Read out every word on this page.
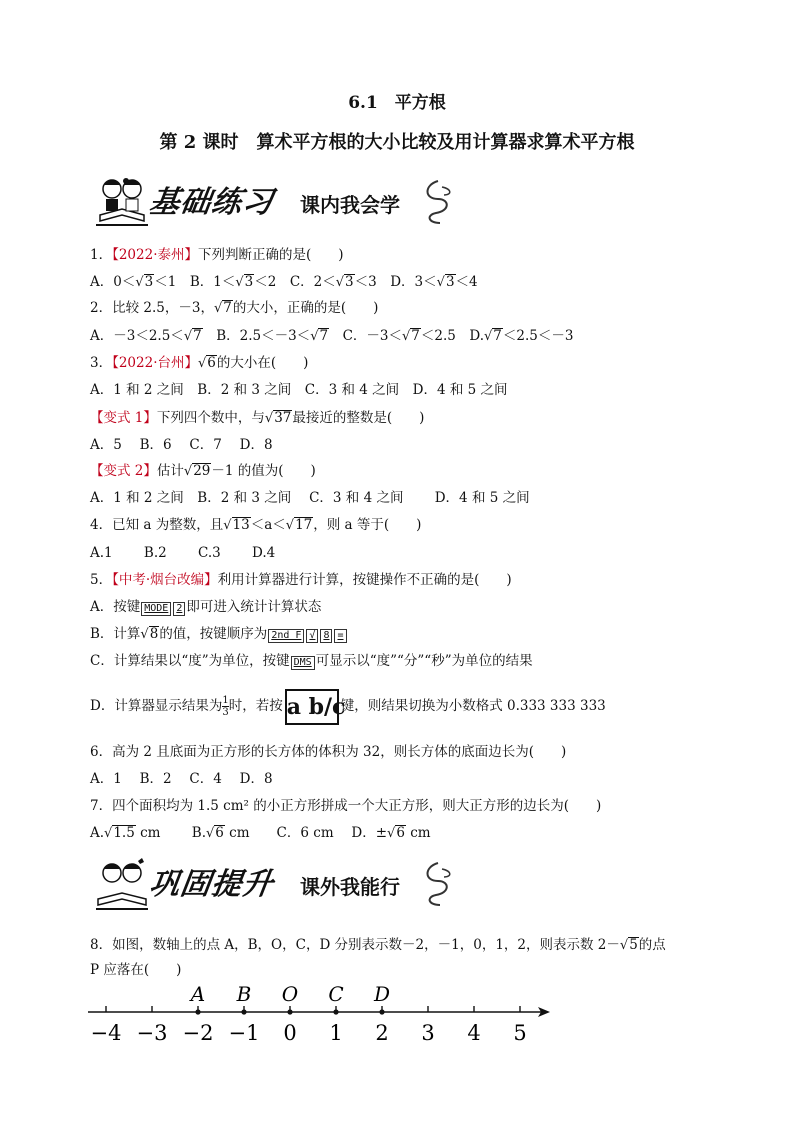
6.1　平方根
第 2 课时　算术平方根的大小比较及用计算器求算术平方根
基础练习 课内我会学
1．【2022·泰州】下列判断正确的是(　　)
A．0＜√3＜1　B．1＜√3＜2　C．2＜√3＜3　D．3＜√3＜4
2．比较 2.5，－3，√7的大小，正确的是(　　)
A．－3＜2.5＜√7　B．2.5＜－3＜√7　C．－3＜√7＜2.5　D.√7＜2.5＜－3
3．【2022·台州】√6的大小在(　　)
A．1 和 2 之间　B．2 和 3 之间　C．3 和 4 之间　D．4 和 5 之间
【变式 1】下列四个数中，与√37最接近的整数是(　　)
A．5　 B．6　 C．7　 D．8
【变式 2】估计√29－1 的值为(　　)
A．1 和 2 之间　B．2 和 3 之间　 C．3 和 4 之间　　 D．4 和 5 之间
4．已知 a 为整数，且√13＜a＜√17，则 a 等于(　　)
A.1　　 B.2　　 C.3　　 D.4
5．【中考·烟台改编】利用计算器进行计算，按键操作不正确的是(　　)
A．按键 MODE 2 即可进入统计计算状态
B．计算√8的值，按键顺序为 2nd F √ 8 =
C．计算结果以“度”为单位，按键 DMS 可显示以“度”“分”“秒”为单位的结果
D．计算器显示结果为 $\frac{1}{3}$ 时，若按 a b/c键，则结果切换为小数格式 0.333 333 333
6．高为 2 且底面为正方形的长方体的体积为 32，则长方体的底面边长为(　　)
A．1　 B．2　 C．4　 D．8
7．四个面积均为 1.5 cm² 的小正方形拼成一个大正方形，则大正方形的边长为(　　)
A.√1.5 cm　　 B.√6 cm　　C．6 cm　 D．±√6 cm
巩固提升 课外我能行
8．如图，数轴上的点 A，B，O，C，D 分别表示数－2，－1，0，1，2，则表示数 2－√5的点
P 应落在(　　)
−4 −3 −2 −1 0 1 2 3 4 5
A B O C D
